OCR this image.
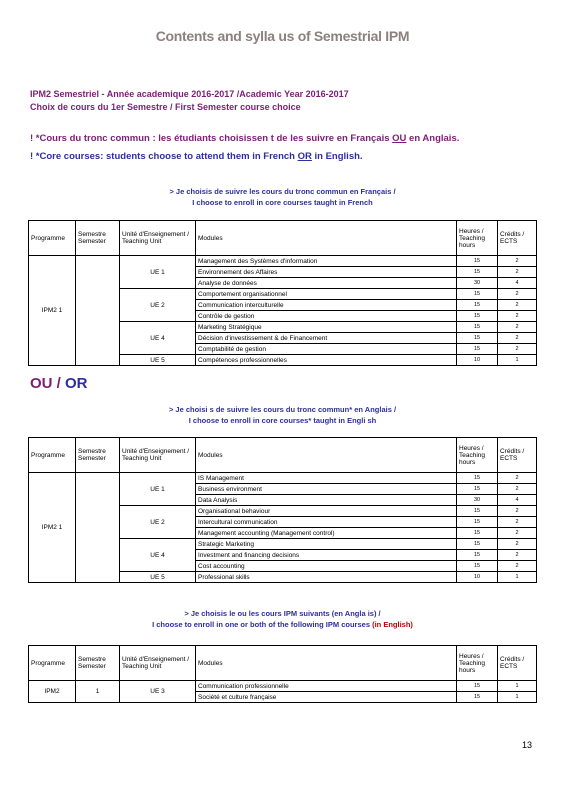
Contents and sylla us of Semestrial IPM
IPM2 Semestriel - Année academique 2016-2017 /Academic Year 2016-2017
Choix de cours du 1er Semestre / First Semester course choice
! *Cours du tronc commun : les étudiants choisissen t de les suivre en Français OU en Anglais.
! *Core courses: students choose to attend them in French OR in English.
> Je choisis de suivre les cours du tronc commun en Français /
I choose to enroll in core courses taught in French
Programme	Semestre Semester	Unité d'Enseignement / Teaching Unit	Modules	Heures / Teaching hours	Crédits / ECTS
IPM2 1		UE 1	Management des Systèmes d'information	15	2
			Environnement des Affaires	15	2
			Analyse de données	30	4
		UE 2	Comportement organisationnel	15	2
			Communication interculturelle	15	2
			Contrôle de gestion	15	2
		UE 4	Marketing Stratégique	15	2
			Décision d'investissement & de Financement	15	2
			Comptabilité de gestion	15	2
		UE 5	Compétences professionnelles	10	1
OU / OR
> Je choisi s de suivre les cours du tronc commun* en Anglais /
I choose to enroll in core courses* taught in Engli sh
Programme	Semestre Semester	Unité d'Enseignement / Teaching Unit	Modules	Heures / Teaching hours	Crédits / ECTS
IPM2 1		UE 1	IS Management	15	2
			Business environment	15	2
			Data Analysis	30	4
		UE 2	Organisational behaviour	15	2
			Intercultural communication	15	2
			Management accounting (Management control)	15	2
		UE 4	Strategic Marketing	15	2
			Investment and financing decisions	15	2
			Cost accounting	15	2
		UE 5	Professional skills	10	1
> Je choisis le ou les cours IPM suivants (en Angla is) /
I choose to enroll in one or both of the following IPM courses (in English)
Programme	Semestre Semester	Unité d'Enseignement / Teaching Unit	Modules	Heures / Teaching hours	Crédits / ECTS
IPM2	1	UE 3	Communication professionnelle	15	1
			Société et culture française	15	1
13
